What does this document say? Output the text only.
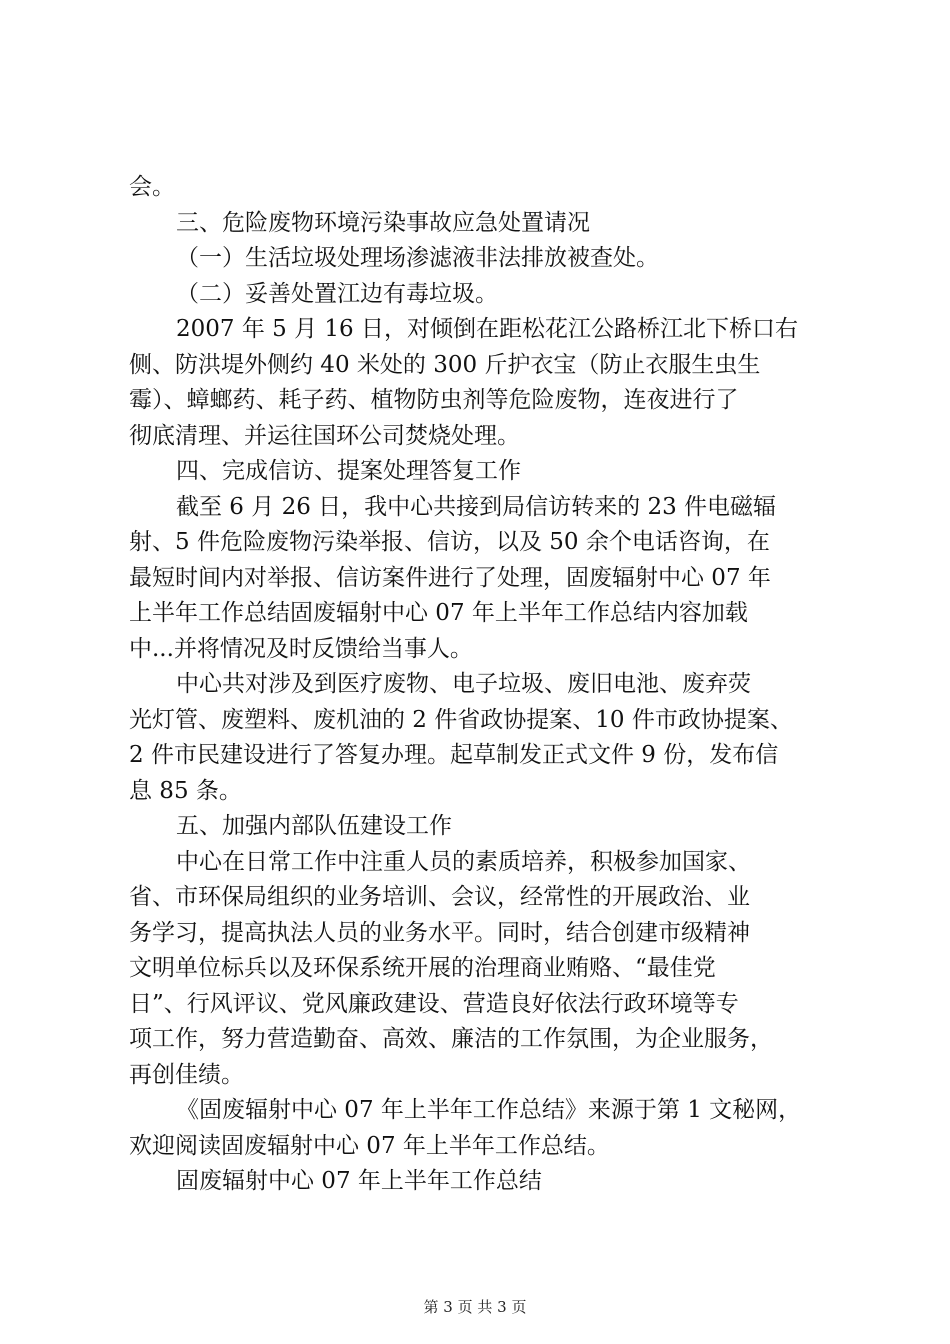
会。
三、危险废物环境污染事故应急处置请况
（一）生活垃圾处理场渗滤液非法排放被查处。
（二）妥善处置江边有毒垃圾。
2007 年 5 月 16 日，对倾倒在距松花江公路桥江北下桥口右
侧、防洪堤外侧约 40 米处的 300 斤护衣宝（防止衣服生虫生
霉）、蟑螂药、耗子药、植物防虫剂等危险废物，连夜进行了
彻底清理、并运往国环公司焚烧处理。
四、完成信访、提案处理答复工作
截至 6 月 26 日，我中心共接到局信访转来的 23 件电磁辐
射、5 件危险废物污染举报、信访，以及 50 余个电话咨询，在
最短时间内对举报、信访案件进行了处理，固废辐射中心 07 年
上半年工作总结固废辐射中心 07 年上半年工作总结内容加载
中...并将情况及时反馈给当事人。
中心共对涉及到医疗废物、电子垃圾、废旧电池、废弃荧
光灯管、废塑料、废机油的 2 件省政协提案、10 件市政协提案、
2 件市民建设进行了答复办理。起草制发正式文件 9 份，发布信
息 85 条。
五、加强内部队伍建设工作
中心在日常工作中注重人员的素质培养，积极参加国家、
省、市环保局组织的业务培训、会议，经常性的开展政治、业
务学习，提高执法人员的业务水平。同时，结合创建市级精神
文明单位标兵以及环保系统开展的治理商业贿赂、“最佳党
日”、行风评议、党风廉政建设、营造良好依法行政环境等专
项工作，努力营造勤奋、高效、廉洁的工作氛围，为企业服务，
再创佳绩。
《固废辐射中心 07 年上半年工作总结》来源于第 1 文秘网，
欢迎阅读固废辐射中心 07 年上半年工作总结。
固废辐射中心 07 年上半年工作总结
第 3 页 共 3 页
